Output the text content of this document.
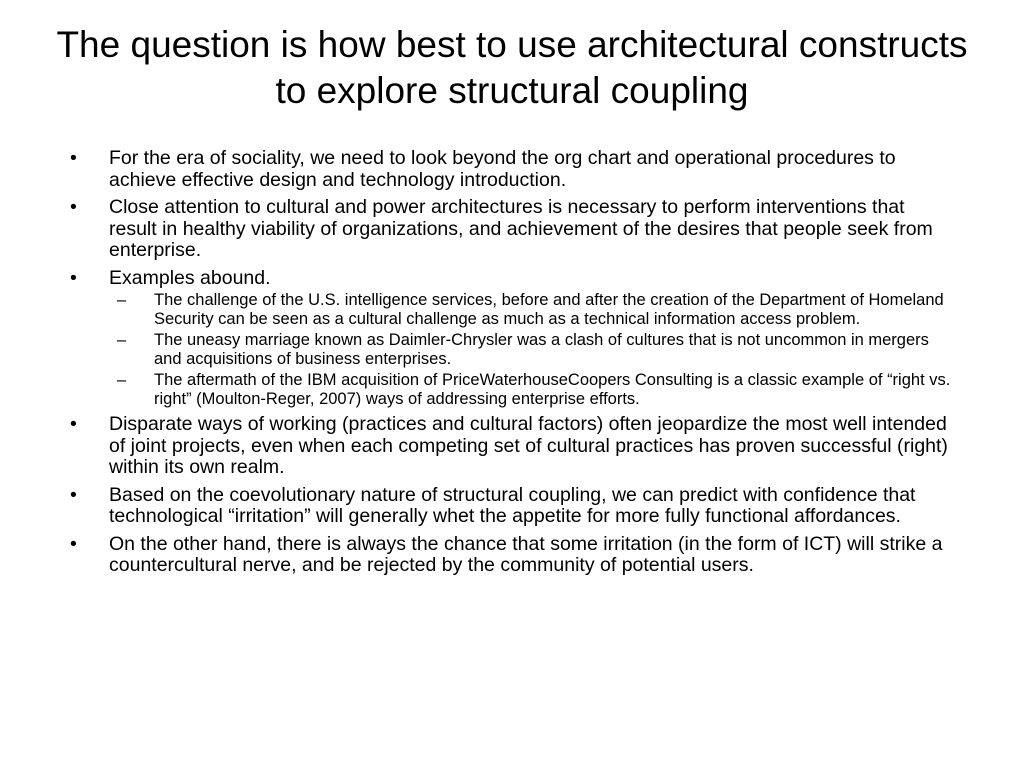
The question is how best to use architectural constructs to explore structural coupling
• For the era of sociality, we need to look beyond the org chart and operational procedures to achieve effective design and technology introduction.
• Close attention to cultural and power architectures is necessary to perform interventions that result in healthy viability of organizations, and achievement of the desires that people seek from enterprise.
• Examples abound.
– The challenge of the U.S. intelligence services, before and after the creation of the Department of Homeland Security can be seen as a cultural challenge as much as a technical information access problem.
– The uneasy marriage known as Daimler-Chrysler was a clash of cultures that is not uncommon in mergers and acquisitions of business enterprises.
– The aftermath of the IBM acquisition of PriceWaterhouseCoopers Consulting is a classic example of “right vs. right” (Moulton-Reger, 2007) ways of addressing enterprise efforts.
• Disparate ways of working (practices and cultural factors) often jeopardize the most well intended of joint projects, even when each competing set of cultural practices has proven successful (right) within its own realm.
• Based on the coevolutionary nature of structural coupling, we can predict with confidence that technological “irritation” will generally whet the appetite for more fully functional affordances.
• On the other hand, there is always the chance that some irritation (in the form of ICT) will strike a countercultural nerve, and be rejected by the community of potential users.
